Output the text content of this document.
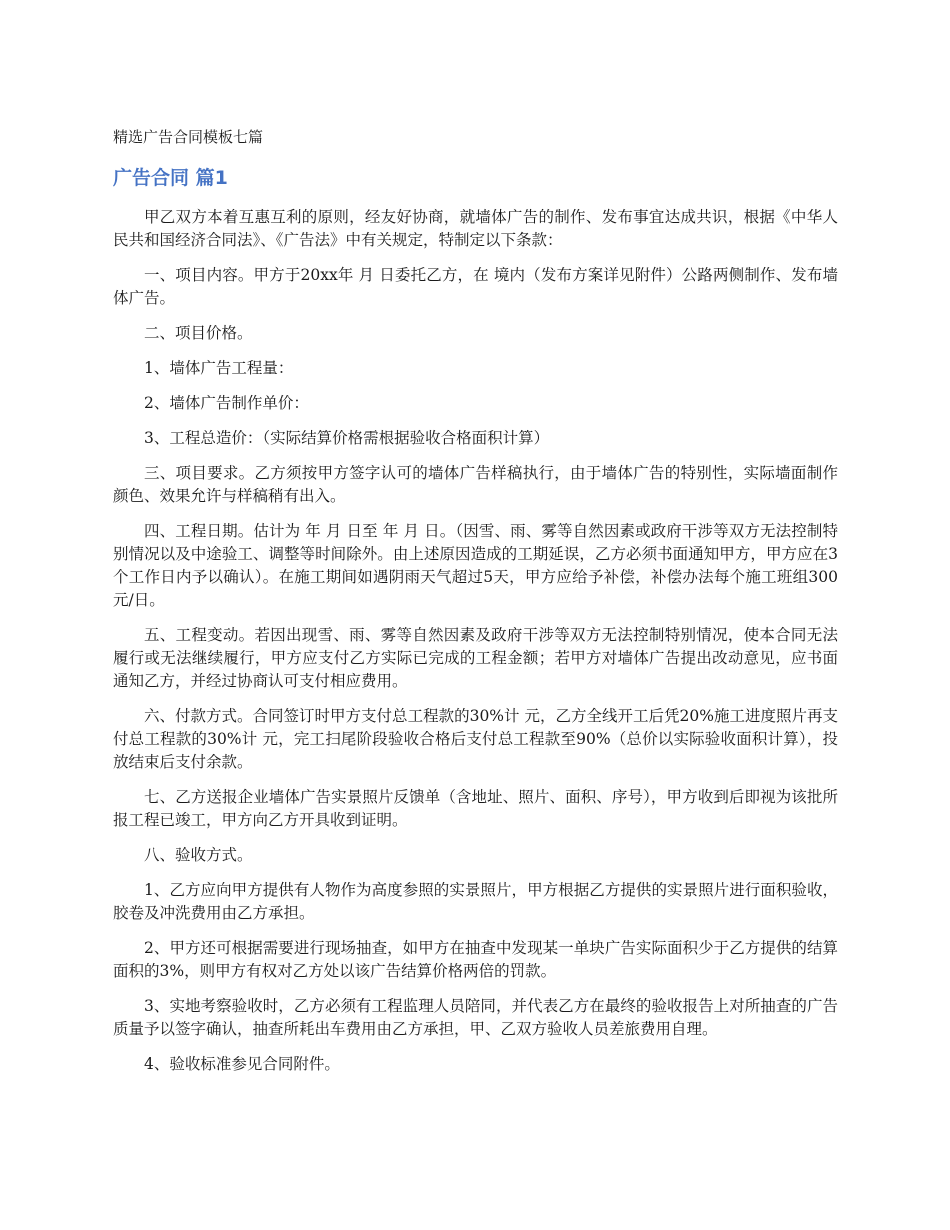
精选广告合同模板七篇
广告合同 篇1

甲乙双方本着互惠互利的原则，经友好协商，就墙体广告的制作、发布事宜达成共识，根据《中华人民共和国经济合同法》、《广告法》中有关规定，特制定以下条款：

一、项目内容。甲方于20xx年 月 日委托乙方，在 境内（发布方案详见附件）公路两侧制作、发布墙体广告。

二、项目价格。

1、墙体广告工程量：

2、墙体广告制作单价：

3、工程总造价：（实际结算价格需根据验收合格面积计算）

三、项目要求。乙方须按甲方签字认可的墙体广告样稿执行，由于墙体广告的特别性，实际墙面制作颜色、效果允许与样稿稍有出入。

四、工程日期。估计为 年 月 日至 年 月 日。（因雪、雨、雾等自然因素或政府干涉等双方无法控制特别情况以及中途验工、调整等时间除外。由上述原因造成的工期延误，乙方必须书面通知甲方，甲方应在3个工作日内予以确认）。在施工期间如遇阴雨天气超过5天，甲方应给予补偿，补偿办法每个施工班组300元/日。

五、工程变动。若因出现雪、雨、雾等自然因素及政府干涉等双方无法控制特别情况，使本合同无法履行或无法继续履行，甲方应支付乙方实际已完成的工程金额；若甲方对墙体广告提出改动意见，应书面通知乙方，并经过协商认可支付相应费用。

六、付款方式。合同签订时甲方支付总工程款的30%计 元，乙方全线开工后凭20%施工进度照片再支付总工程款的30%计 元，完工扫尾阶段验收合格后支付总工程款至90%（总价以实际验收面积计算），投放结束后支付余款。

七、乙方送报企业墙体广告实景照片反馈单（含地址、照片、面积、序号），甲方收到后即视为该批所报工程已竣工，甲方向乙方开具收到证明。

八、验收方式。

1、乙方应向甲方提供有人物作为高度参照的实景照片，甲方根据乙方提供的实景照片进行面积验收，胶卷及冲洗费用由乙方承担。

2、甲方还可根据需要进行现场抽查，如甲方在抽查中发现某一单块广告实际面积少于乙方提供的结算面积的3%，则甲方有权对乙方处以该广告结算价格两倍的罚款。

3、实地考察验收时，乙方必须有工程监理人员陪同，并代表乙方在最终的验收报告上对所抽查的广告质量予以签字确认，抽查所耗出车费用由乙方承担，甲、乙双方验收人员差旅费用自理。

4、验收标准参见合同附件。
